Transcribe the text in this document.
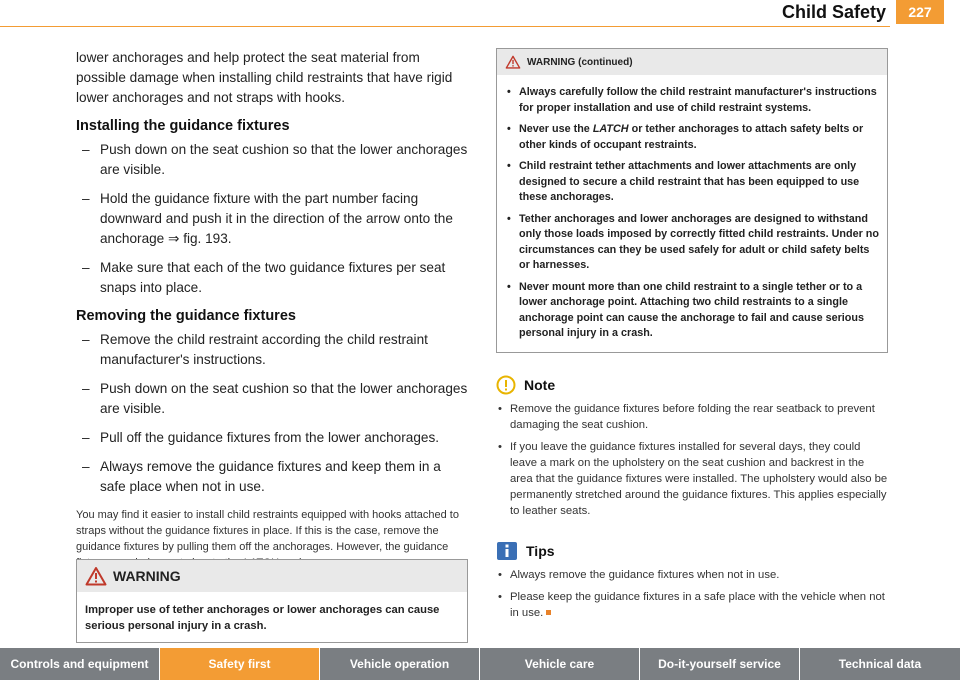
Child Safety	227

lower anchorages and help protect the seat material from possible damage when installing child restraints that have rigid lower anchorages and not straps with hooks.

Installing the guidance fixtures
– Push down on the seat cushion so that the lower anchorages are visible.
– Hold the guidance fixture with the part number facing downward and push it in the direction of the arrow onto the anchorage ⇒ fig. 193.
– Make sure that each of the two guidance fixtures per seat snaps into place.
Removing the guidance fixtures
– Remove the child restraint according the child restraint manufacturer's instructions.
– Push down on the seat cushion so that the lower anchorages are visible.
– Pull off the guidance fixtures from the lower anchorages.
– Always remove the guidance fixtures and keep them in a safe place when not in use.

You may find it easier to install child restraints equipped with hooks attached to straps without the guidance fixtures in place. If this is the case, remove the guidance fixtures by pulling them off the anchorages. However, the guidance

WARNING
Improper use of tether anchorages or lower anchorages can cause serious personal injury in a crash.
WARNING (continued)
• Always carefully follow the child restraint manufacturer's instructions for proper installation and use of child restraint systems.
• Never use the LATCH or tether anchorages to attach safety belts or other kinds of occupant restraints.
• Child restraint tether attachments and lower attachments are only designed to secure a child restraint that has been equipped to use these anchorages.
• Tether anchorages and lower anchorages are designed to withstand only those loads imposed by correctly fitted child restraints. Under no circumstances can they be used safely for adult or child safety belts or harnesses.
• Never mount more than one child restraint to a single tether or to a lower anchorage point. Attaching two child restraints to a single anchorage point can cause the anchorage to fail and cause serious personal injury in a crash.
Note
• Remove the guidance fixtures before folding the rear seatback to prevent damaging the seat cushion.
• If you leave the guidance fixtures installed for several days, they could leave a mark on the upholstery on the seat cushion and backrest in the area that the guidance fixtures were installed. The upholstery would also be permanently stretched around the guidance fixtures. This applies especially to leather seats.
Tips
• Always remove the guidance fixtures when not in use.
• Please keep the guidance fixtures in a safe place with the vehicle when not in use.
Controls and equipment	Safety first	Vehicle operation	Vehicle care	Do-it-yourself service	Technical data
